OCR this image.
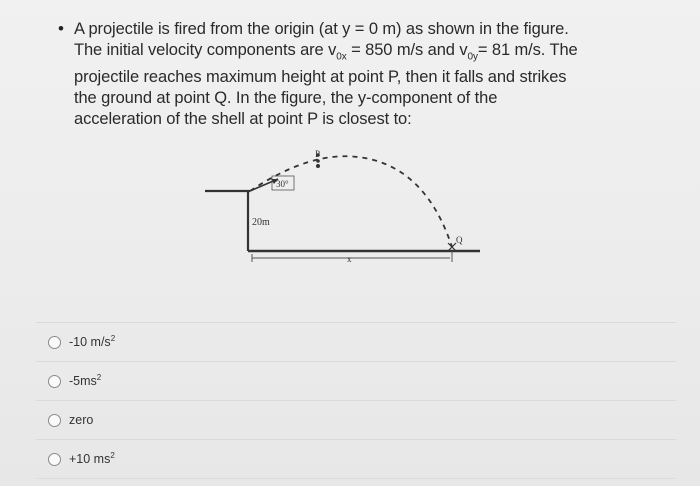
• A projectile is fired from the origin (at y = 0 m) as shown in the figure.
The initial velocity components are $v_{0x} = 850$ m/s and $v_{0y}= 81$ m/s. The
projectile reaches maximum height at point P, then it falls and strikes
the ground at point Q. In the figure, the y-component of the
acceleration of the shell at point P is closest to:
30°
20m
P
Q
x
-10 $m/s^2$
$-5ms^2$
zero
+10 $ms^2$
